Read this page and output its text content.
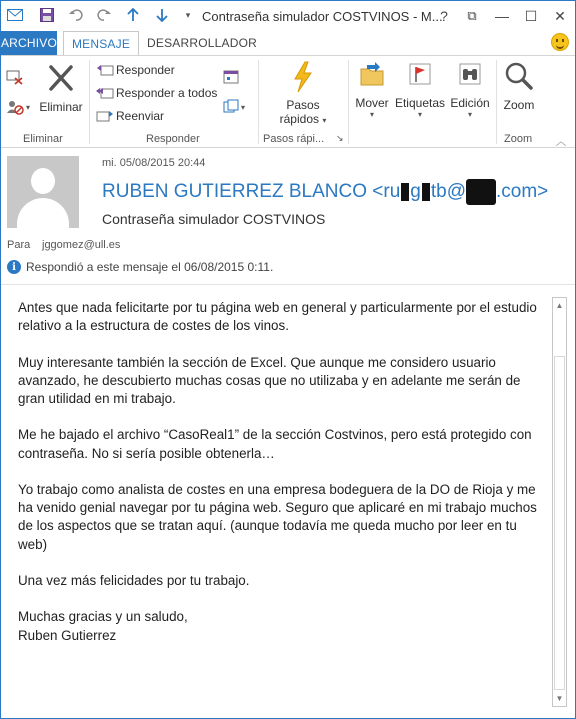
▾ Contraseña simulador COSTVINOS - M...
?	⧉	—	☐	✕
ARCHIVO	MENSAJE	DESARROLLADOR
▾ Eliminar
Eliminar
Responder
Responder a todos
Reenviar
▾
Responder
Pasos
rápidos ▾
Pasos rápi... ↘
Mover
▾
Etiquetas
▾
Edición
▾
Zoom
Zoom ︿
mi. 05/08/2015 20:44
RUBEN GUTIERREZ BLANCO <ru g tb@ .com>
Contraseña simulador COSTVINOS
Para jggomez@ull.es
i Respondió a este mensaje el 06/08/2015 0:11.

Antes que nada felicitarte por tu página web en general y particularmente por el estudio relativo a la estructura de costes de los vinos.

Muy interesante también la sección de Excel. Que aunque me considero usuario avanzado, he descubierto muchas cosas que no utilizaba y en adelante me serán de gran utilidad en mi trabajo.

Me he bajado el archivo “CasoReal1” de la sección Costvinos, pero está protegido con contraseña. No si sería posible obtenerla…

Yo trabajo como analista de costes en una empresa bodeguera de la DO de Rioja y me ha venido genial navegar por tu página web. Seguro que aplicaré en mi trabajo muchos de los aspectos que se tratan aquí. (aunque todavía me queda mucho por leer en tu web)

Una vez más felicidades por tu trabajo.

Muchas gracias y un saludo,
Ruben Gutierrez

▲
▼
